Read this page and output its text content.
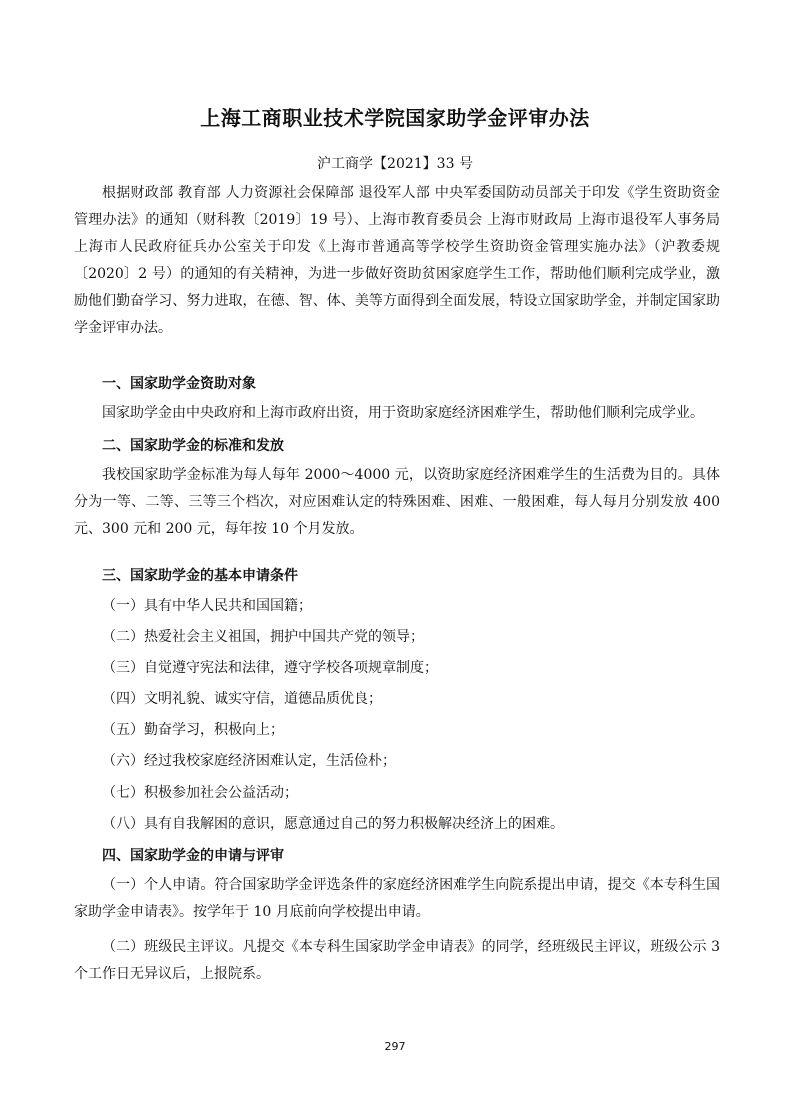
上海工商职业技术学院国家助学金评审办法
沪工商学【2021】33 号
根据财政部 教育部 人力资源社会保障部 退役军人部 中央军委国防动员部关于印发《学生资助资金管理办法》的通知（财科教〔2019〕19 号）、上海市教育委员会 上海市财政局 上海市退役军人事务局 上海市人民政府征兵办公室关于印发《上海市普通高等学校学生资助资金管理实施办法》（沪教委规〔2020〕2 号）的通知的有关精神，为进一步做好资助贫困家庭学生工作，帮助他们顺利完成学业，激励他们勤奋学习、努力进取，在德、智、体、美等方面得到全面发展，特设立国家助学金，并制定国家助学金评审办法。
一、国家助学金资助对象
国家助学金由中央政府和上海市政府出资，用于资助家庭经济困难学生，帮助他们顺利完成学业。
二、国家助学金的标准和发放
我校国家助学金标准为每人每年 2000～4000 元，以资助家庭经济困难学生的生活费为目的。具体分为一等、二等、三等三个档次，对应困难认定的特殊困难、困难、一般困难，每人每月分别发放 400 元、300 元和 200 元，每年按 10 个月发放。
三、国家助学金的基本申请条件
（一）具有中华人民共和国国籍；
（二）热爱社会主义祖国，拥护中国共产党的领导；
（三）自觉遵守宪法和法律，遵守学校各项规章制度；
（四）文明礼貌、诚实守信，道德品质优良；
（五）勤奋学习，积极向上；
（六）经过我校家庭经济困难认定，生活俭朴；
（七）积极参加社会公益活动；
（八）具有自我解困的意识，愿意通过自己的努力积极解决经济上的困难。
四、国家助学金的申请与评审
（一）个人申请。符合国家助学金评选条件的家庭经济困难学生向院系提出申请，提交《本专科生国家助学金申请表》。按学年于 10 月底前向学校提出申请。
（二）班级民主评议。凡提交《本专科生国家助学金申请表》的同学，经班级民主评议，班级公示 3 个工作日无异议后，上报院系。
297
